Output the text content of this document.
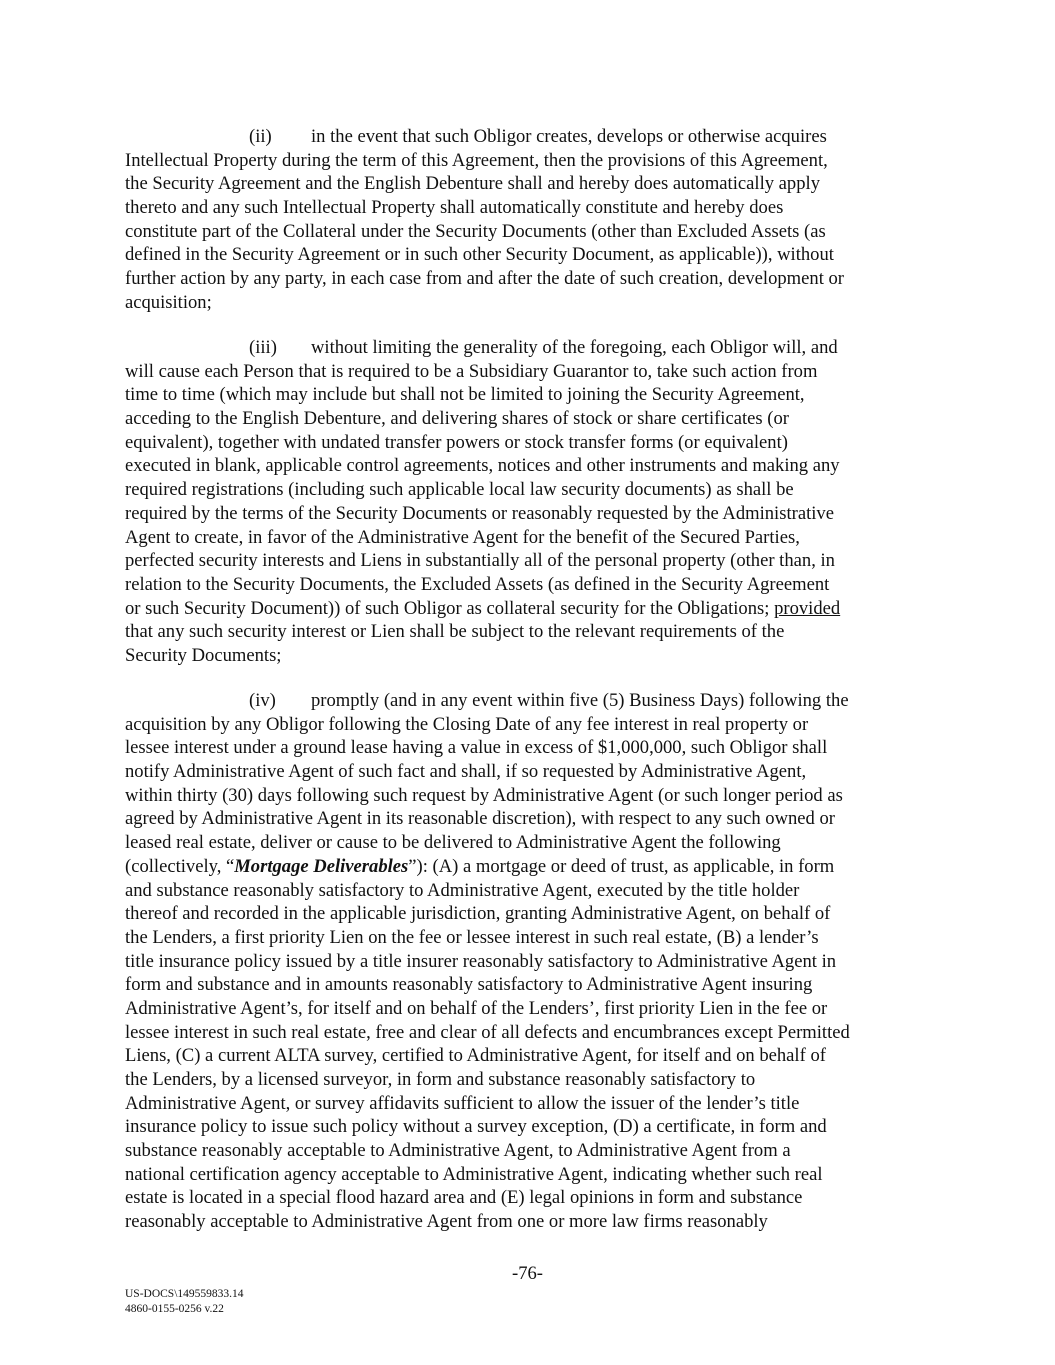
(ii) in the event that such Obligor creates, develops or otherwise acquires
Intellectual Property during the term of this Agreement, then the provisions of this Agreement,
the Security Agreement and the English Debenture shall and hereby does automatically apply
thereto and any such Intellectual Property shall automatically constitute and hereby does
constitute part of the Collateral under the Security Documents (other than Excluded Assets (as
defined in the Security Agreement or in such other Security Document, as applicable)), without
further action by any party, in each case from and after the date of such creation, development or
acquisition;
(iii) without limiting the generality of the foregoing, each Obligor will, and
will cause each Person that is required to be a Subsidiary Guarantor to, take such action from
time to time (which may include but shall not be limited to joining the Security Agreement,
acceding to the English Debenture, and delivering shares of stock or share certificates (or
equivalent), together with undated transfer powers or stock transfer forms (or equivalent)
executed in blank, applicable control agreements, notices and other instruments and making any
required registrations (including such applicable local law security documents) as shall be
required by the terms of the Security Documents or reasonably requested by the Administrative
Agent to create, in favor of the Administrative Agent for the benefit of the Secured Parties,
perfected security interests and Liens in substantially all of the personal property (other than, in
relation to the Security Documents, the Excluded Assets (as defined in the Security Agreement
or such Security Document)) of such Obligor as collateral security for the Obligations; provided
that any such security interest or Lien shall be subject to the relevant requirements of the
Security Documents;
(iv) promptly (and in any event within five (5) Business Days) following the
acquisition by any Obligor following the Closing Date of any fee interest in real property or
lessee interest under a ground lease having a value in excess of $1,000,000, such Obligor shall
notify Administrative Agent of such fact and shall, if so requested by Administrative Agent,
within thirty (30) days following such request by Administrative Agent (or such longer period as
agreed by Administrative Agent in its reasonable discretion), with respect to any such owned or
leased real estate, deliver or cause to be delivered to Administrative Agent the following
(collectively, “Mortgage Deliverables”): (A) a mortgage or deed of trust, as applicable, in form
and substance reasonably satisfactory to Administrative Agent, executed by the title holder
thereof and recorded in the applicable jurisdiction, granting Administrative Agent, on behalf of
the Lenders, a first priority Lien on the fee or lessee interest in such real estate, (B) a lender’s
title insurance policy issued by a title insurer reasonably satisfactory to Administrative Agent in
form and substance and in amounts reasonably satisfactory to Administrative Agent insuring
Administrative Agent’s, for itself and on behalf of the Lenders’, first priority Lien in the fee or
lessee interest in such real estate, free and clear of all defects and encumbrances except Permitted
Liens, (C) a current ALTA survey, certified to Administrative Agent, for itself and on behalf of
the Lenders, by a licensed surveyor, in form and substance reasonably satisfactory to
Administrative Agent, or survey affidavits sufficient to allow the issuer of the lender’s title
insurance policy to issue such policy without a survey exception, (D) a certificate, in form and
substance reasonably acceptable to Administrative Agent, to Administrative Agent from a
national certification agency acceptable to Administrative Agent, indicating whether such real
estate is located in a special flood hazard area and (E) legal opinions in form and substance
reasonably acceptable to Administrative Agent from one or more law firms reasonably
-76-
US-DOCS\149559833.14
4860-0155-0256 v.22
